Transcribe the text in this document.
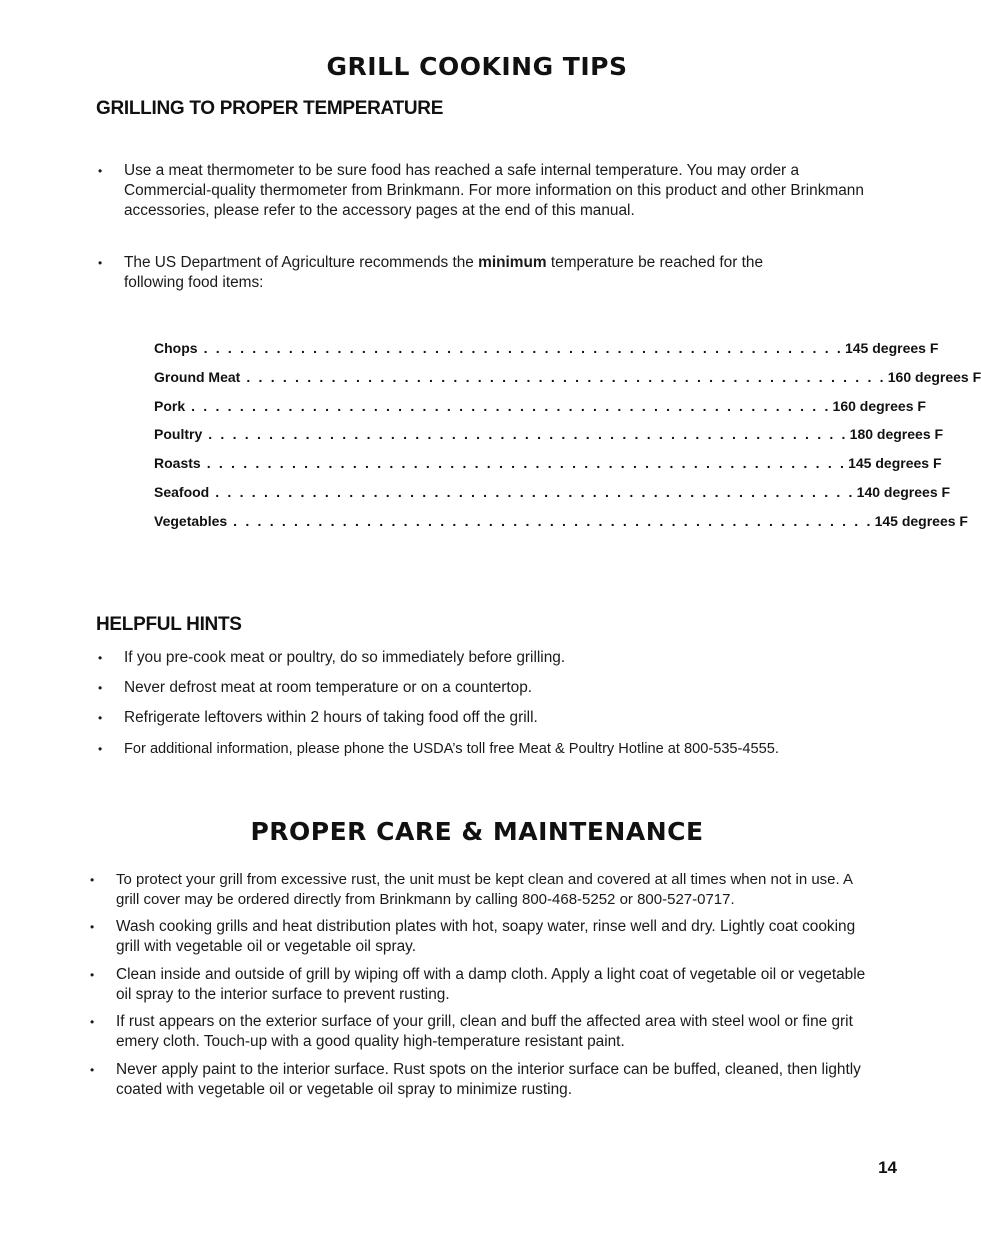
GRILL COOKING TIPS
GRILLING TO PROPER TEMPERATURE
• Use a meat thermometer to be sure food has reached a safe internal temperature. You may order a Commercial-quality thermometer from Brinkmann. For more information on this product and other Brinkmann accessories, please refer to the accessory pages at the end of this manual.
• The US Department of Agriculture recommends the minimum temperature be reached for the following food items:
Chops . . . . . . . . . . . . . . . . . . . . . . . . . . . . . . . . . . . . . . . . . . . . . . . . . . . . . 145 degrees F
Ground Meat . . . . . . . . . . . . . . . . . . . . . . . . . . . . . . . . . . . . . . . . . . . . . . . . . . . . . 160 degrees F
Pork . . . . . . . . . . . . . . . . . . . . . . . . . . . . . . . . . . . . . . . . . . . . . . . . . . . . . 160 degrees F
Poultry . . . . . . . . . . . . . . . . . . . . . . . . . . . . . . . . . . . . . . . . . . . . . . . . . . . . . 180 degrees F
Roasts . . . . . . . . . . . . . . . . . . . . . . . . . . . . . . . . . . . . . . . . . . . . . . . . . . . . . 145 degrees F
Seafood . . . . . . . . . . . . . . . . . . . . . . . . . . . . . . . . . . . . . . . . . . . . . . . . . . . . . 140 degrees F
Vegetables . . . . . . . . . . . . . . . . . . . . . . . . . . . . . . . . . . . . . . . . . . . . . . . . . . . . . 145 degrees F
HELPFUL HINTS
• If you pre-cook meat or poultry, do so immediately before grilling.
• Never defrost meat at room temperature or on a countertop.
• Refrigerate leftovers within 2 hours of taking food off the grill.
• For additional information, please phone the USDA’s toll free Meat & Poultry Hotline at 800-535-4555.
PROPER CARE & MAINTENANCE
• To protect your grill from excessive rust, the unit must be kept clean and covered at all times when not in use. A grill cover may be ordered directly from Brinkmann by calling 800-468-5252 or 800-527-0717.
• Wash cooking grills and heat distribution plates with hot, soapy water, rinse well and dry. Lightly coat cooking grill with vegetable oil or vegetable oil spray.
• Clean inside and outside of grill by wiping off with a damp cloth. Apply a light coat of vegetable oil or vegetable oil spray to the interior surface to prevent rusting.
• If rust appears on the exterior surface of your grill, clean and buff the affected area with steel wool or fine grit emery cloth. Touch-up with a good quality high-temperature resistant paint.
• Never apply paint to the interior surface. Rust spots on the interior surface can be buffed, cleaned, then lightly coated with vegetable oil or vegetable oil spray to minimize rusting.
14
